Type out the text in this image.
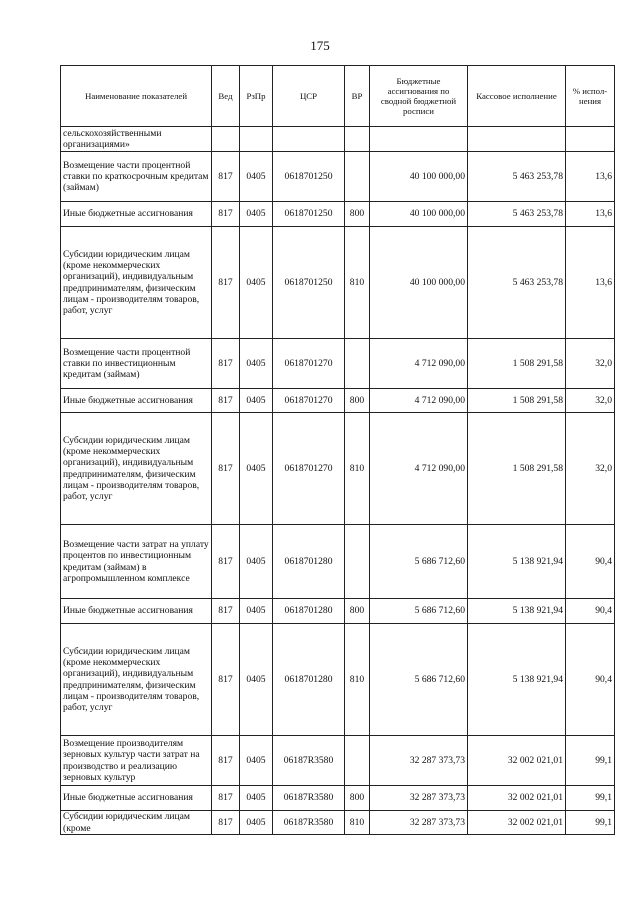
175
Наименование показателей	Вед	РзПр	ЦСР	ВР	Бюджетные ассигнования по сводной бюджетной росписи	Кассовое исполнение	% испол-нения
сельскохозяйственными организациями»							
Возмещение части процентной ставки по краткосрочным кредитам (займам)	817	0405	0618701250		40 100 000,00	5 463 253,78	13,6
Иные бюджетные ассигнования	817	0405	0618701250	800	40 100 000,00	5 463 253,78	13,6
Субсидии юридическим лицам (кроме некоммерческих организаций), индивидуальным предпринимателям, физическим лицам - производителям товаров, работ, услуг	817	0405	0618701250	810	40 100 000,00	5 463 253,78	13,6
Возмещение части процентной ставки по инвестиционным кредитам (займам)	817	0405	0618701270		4 712 090,00	1 508 291,58	32,0
Иные бюджетные ассигнования	817	0405	0618701270	800	4 712 090,00	1 508 291,58	32,0
Субсидии юридическим лицам (кроме некоммерческих организаций), индивидуальным предпринимателям, физическим лицам - производителям товаров, работ, услуг	817	0405	0618701270	810	4 712 090,00	1 508 291,58	32,0
Возмещение части затрат на уплату процентов по инвестиционным кредитам (займам) в агропромышленном комплексе	817	0405	0618701280		5 686 712,60	5 138 921,94	90,4
Иные бюджетные ассигнования	817	0405	0618701280	800	5 686 712,60	5 138 921,94	90,4
Субсидии юридическим лицам (кроме некоммерческих организаций), индивидуальным предпринимателям, физическим лицам - производителям товаров, работ, услуг	817	0405	0618701280	810	5 686 712,60	5 138 921,94	90,4
Возмещение производителям зерновых культур части затрат на производство и реализацию зерновых культур	817	0405	06187R3580		32 287 373,73	32 002 021,01	99,1
Иные бюджетные ассигнования	817	0405	06187R3580	800	32 287 373,73	32 002 021,01	99,1
Субсидии юридическим лицам (кроме	817	0405	06187R3580	810	32 287 373,73	32 002 021,01	99,1
